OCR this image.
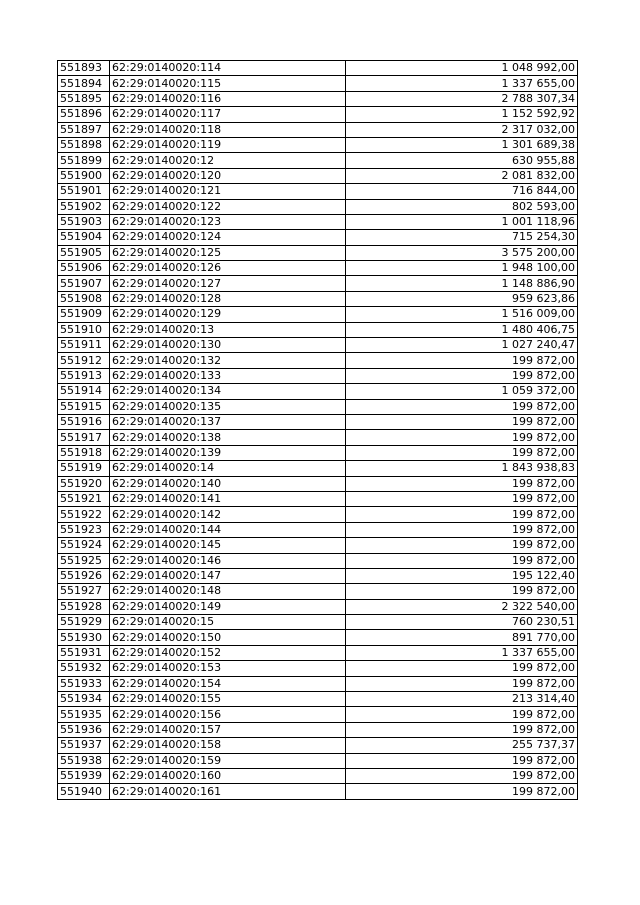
551893	62:29:0140020:114	1 048 992,00
551894	62:29:0140020:115	1 337 655,00
551895	62:29:0140020:116	2 788 307,34
551896	62:29:0140020:117	1 152 592,92
551897	62:29:0140020:118	2 317 032,00
551898	62:29:0140020:119	1 301 689,38
551899	62:29:0140020:12	630 955,88
551900	62:29:0140020:120	2 081 832,00
551901	62:29:0140020:121	716 844,00
551902	62:29:0140020:122	802 593,00
551903	62:29:0140020:123	1 001 118,96
551904	62:29:0140020:124	715 254,30
551905	62:29:0140020:125	3 575 200,00
551906	62:29:0140020:126	1 948 100,00
551907	62:29:0140020:127	1 148 886,90
551908	62:29:0140020:128	959 623,86
551909	62:29:0140020:129	1 516 009,00
551910	62:29:0140020:13	1 480 406,75
551911	62:29:0140020:130	1 027 240,47
551912	62:29:0140020:132	199 872,00
551913	62:29:0140020:133	199 872,00
551914	62:29:0140020:134	1 059 372,00
551915	62:29:0140020:135	199 872,00
551916	62:29:0140020:137	199 872,00
551917	62:29:0140020:138	199 872,00
551918	62:29:0140020:139	199 872,00
551919	62:29:0140020:14	1 843 938,83
551920	62:29:0140020:140	199 872,00
551921	62:29:0140020:141	199 872,00
551922	62:29:0140020:142	199 872,00
551923	62:29:0140020:144	199 872,00
551924	62:29:0140020:145	199 872,00
551925	62:29:0140020:146	199 872,00
551926	62:29:0140020:147	195 122,40
551927	62:29:0140020:148	199 872,00
551928	62:29:0140020:149	2 322 540,00
551929	62:29:0140020:15	760 230,51
551930	62:29:0140020:150	891 770,00
551931	62:29:0140020:152	1 337 655,00
551932	62:29:0140020:153	199 872,00
551933	62:29:0140020:154	199 872,00
551934	62:29:0140020:155	213 314,40
551935	62:29:0140020:156	199 872,00
551936	62:29:0140020:157	199 872,00
551937	62:29:0140020:158	255 737,37
551938	62:29:0140020:159	199 872,00
551939	62:29:0140020:160	199 872,00
551940	62:29:0140020:161	199 872,00
